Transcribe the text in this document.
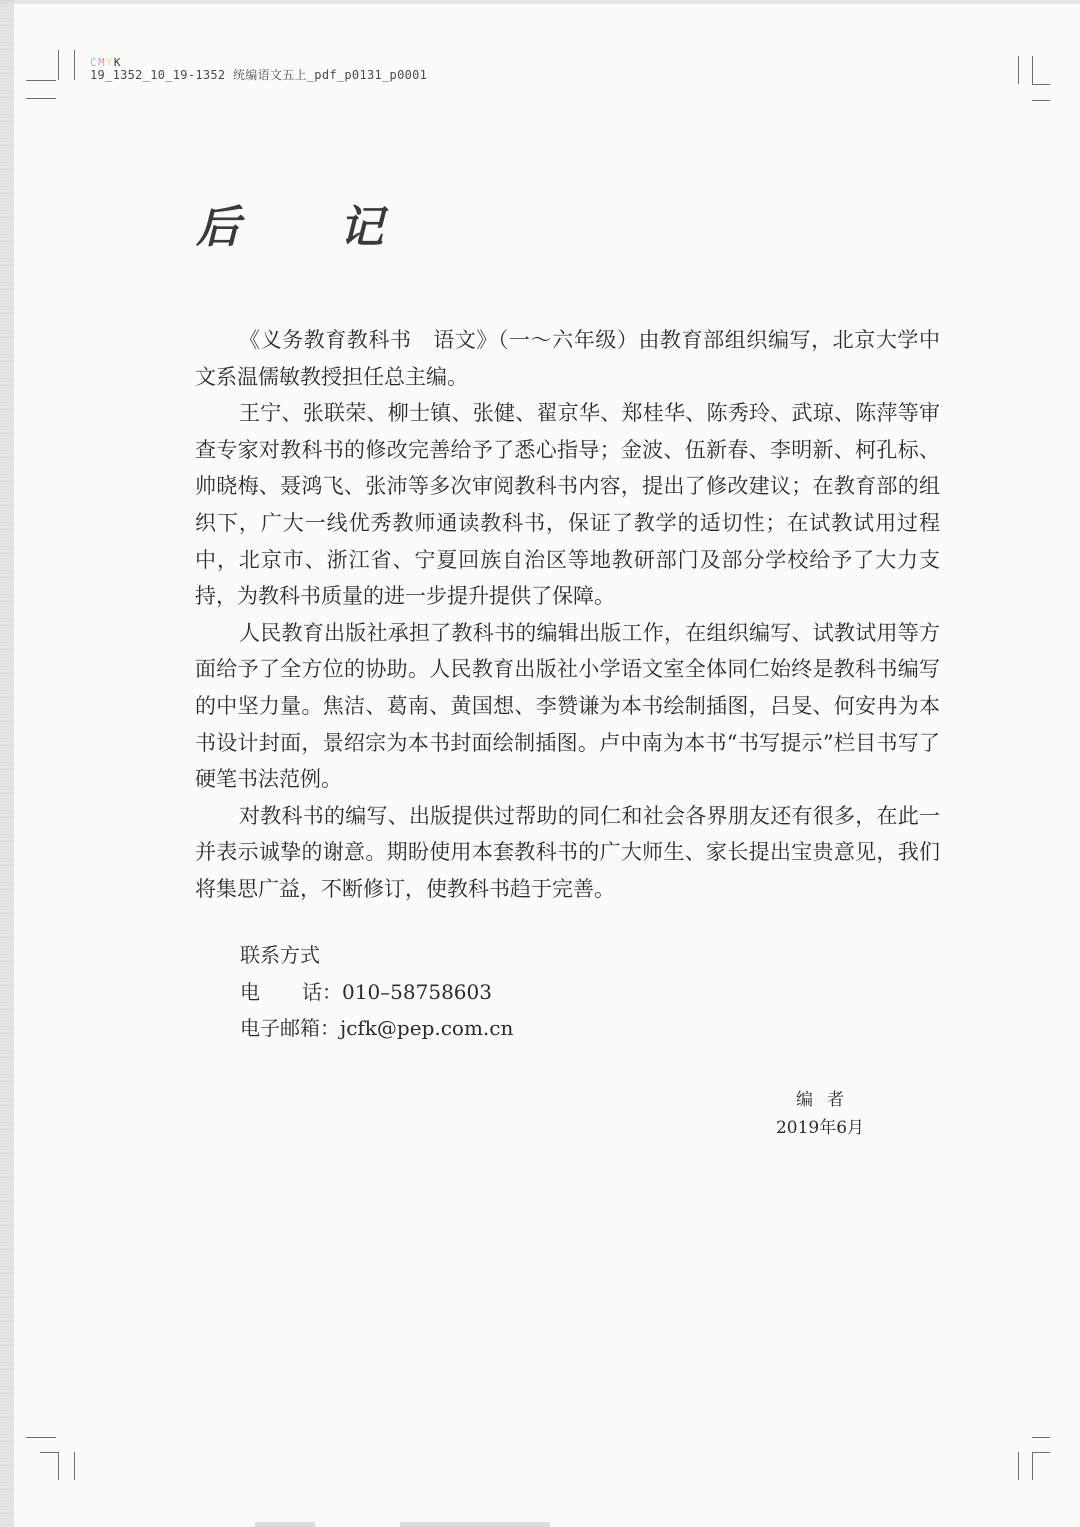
CMYK
19_1352_10_19-1352 统编语文五上_pdf_p0131_p0001
后 记

《义务教育教科书　语文》（一～六年级）由教育部组织编写，北京大学中文系温儒敏教授担任总主编。

王宁、张联荣、柳士镇、张健、翟京华、郑桂华、陈秀玲、武琼、陈萍等审查专家对教科书的修改完善给予了悉心指导；金波、伍新春、李明新、柯孔标、帅晓梅、聂鸿飞、张沛等多次审阅教科书内容，提出了修改建议；在教育部的组织下，广大一线优秀教师通读教科书，保证了教学的适切性；在试教试用过程中，北京市、浙江省、宁夏回族自治区等地教研部门及部分学校给予了大力支持，为教科书质量的进一步提升提供了保障。

人民教育出版社承担了教科书的编辑出版工作，在组织编写、试教试用等方面给予了全方位的协助。人民教育出版社小学语文室全体同仁始终是教科书编写的中坚力量。焦洁、葛南、黄国想、李赞谦为本书绘制插图，吕旻、何安冉为本书设计封面，景绍宗为本书封面绘制插图。卢中南为本书“书写提示”栏目书写了硬笔书法范例。

对教科书的编写、出版提供过帮助的同仁和社会各界朋友还有很多，在此一并表示诚挚的谢意。期盼使用本套教科书的广大师生、家长提出宝贵意见，我们将集思广益，不断修订，使教科书趋于完善。

联系方式
电 话：010–58758603
电子邮箱：jcfk@pep.com.cn
编者
2019年6月
